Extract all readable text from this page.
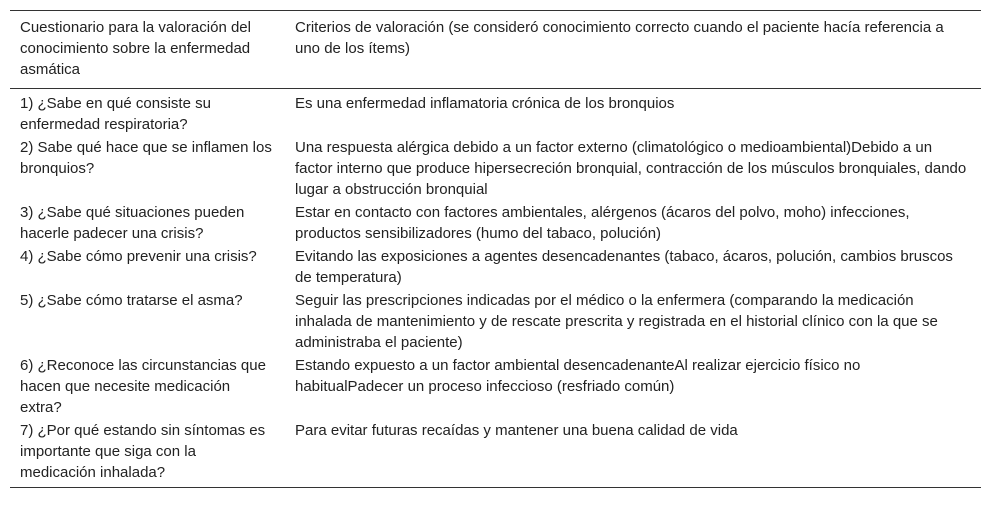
Cuestionario para la valoración del conocimiento sobre la enfermedad asmática	Criterios de valoración (se consideró conocimiento correcto cuando el paciente hacía referencia a uno de los ítems)
1) ¿Sabe en qué consiste su enfermedad respiratoria?	Es una enfermedad inflamatoria crónica de los bronquios
2) Sabe qué hace que se inflamen los bronquios?	Una respuesta alérgica debido a un factor externo (climatológico o medioambiental)Debido a un factor interno que produce hipersecreción bronquial, contracción de los músculos bronquiales, dando lugar a obstrucción bronquial
3) ¿Sabe qué situaciones pueden hacerle padecer una crisis?	Estar en contacto con factores ambientales, alérgenos (ácaros del polvo, moho) infecciones, productos sensibilizadores (humo del tabaco, polución)
4) ¿Sabe cómo prevenir una crisis?	Evitando las exposiciones a agentes desencadenantes (tabaco, ácaros, polución, cambios bruscos de temperatura)
5) ¿Sabe cómo tratarse el asma?	Seguir las prescripciones indicadas por el médico o la enfermera (comparando la medicación inhalada de mantenimiento y de rescate prescrita y registrada en el historial clínico con la que se administraba el paciente)
6) ¿Reconoce las circunstancias que hacen que necesite medicación extra?	Estando expuesto a un factor ambiental desencadenanteAl realizar ejercicio físico no habitualPadecer un proceso infeccioso (resfriado común)
7) ¿Por qué estando sin síntomas es importante que siga con la medicación inhalada?	Para evitar futuras recaídas y mantener una buena calidad de vida
